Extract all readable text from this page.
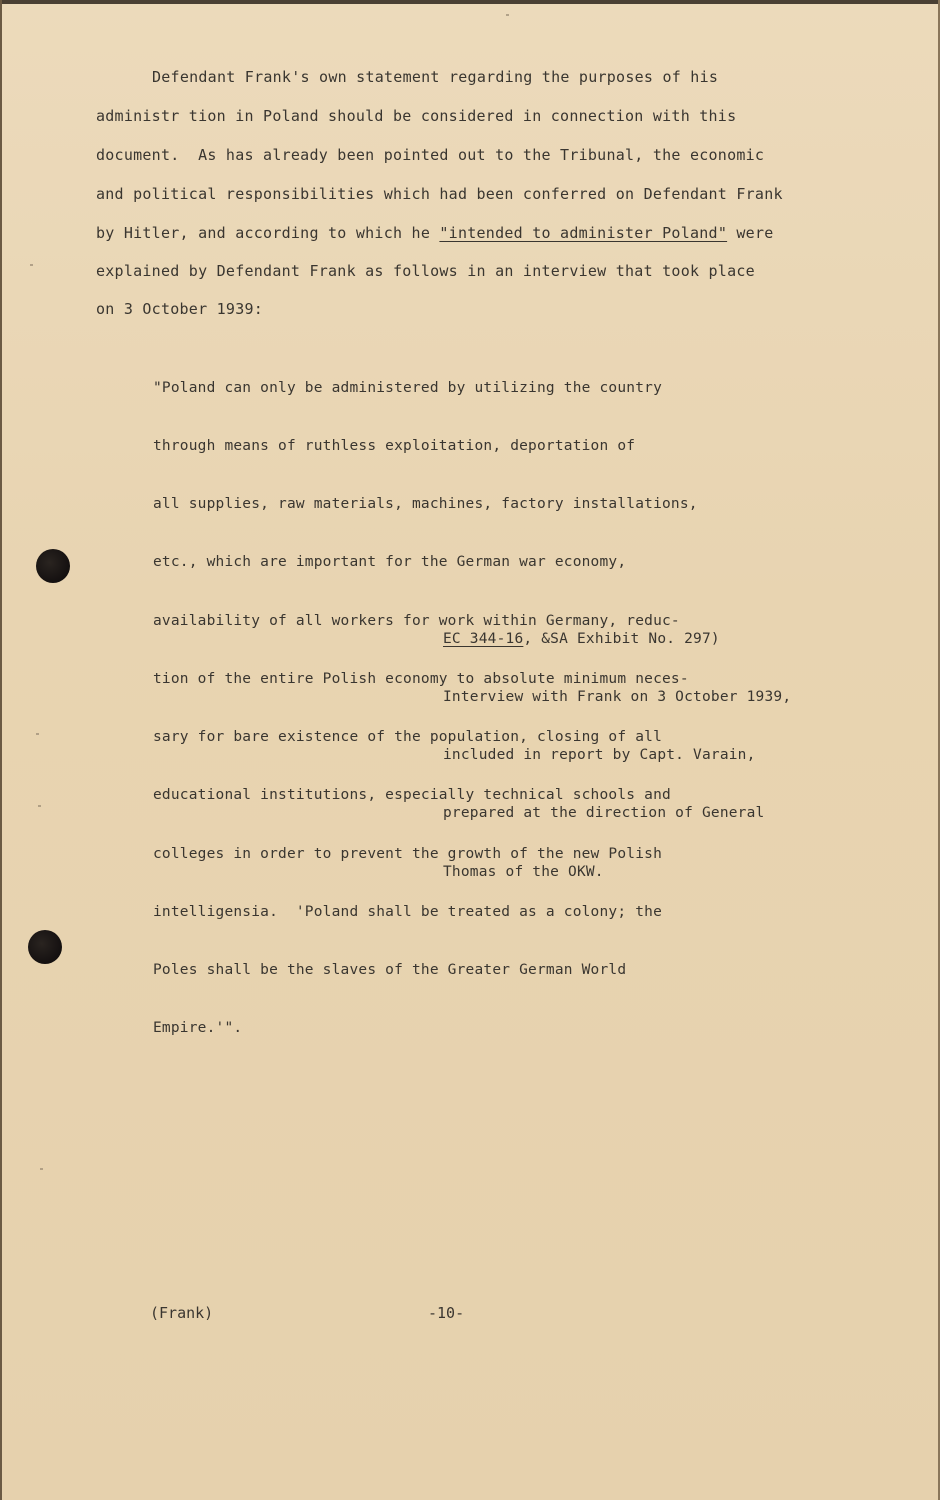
Defendant Frank's own statement regarding the purposes of his
administr tion in Poland should be considered in connection with this
document.  As has already been pointed out to the Tribunal, the economic
and political responsibilities which had been conferred on Defendant Frank
by Hitler, and according to which he "intended to administer Poland" were
explained by Defendant Frank as follows in an interview that took place
on 3 October 1939:

"Poland can only be administered by utilizing the country

through means of ruthless exploitation, deportation of

all supplies, raw materials, machines, factory installations,

etc., which are important for the German war economy,

availability of all workers for work within Germany, reduc-

tion of the entire Polish economy to absolute minimum neces-

sary for bare existence of the population, closing of all

educational institutions, especially technical schools and

colleges in order to prevent the growth of the new Polish

intelligensia.  'Poland shall be treated as a colony; the

Poles shall be the slaves of the Greater German World

Empire.'".

EC 344-16, &SA Exhibit No. 297)

Interview with Frank on 3 October 1939,

included in report by Capt. Varain,

prepared at the direction of General

Thomas of the OKW.

(Frank)	-10-
